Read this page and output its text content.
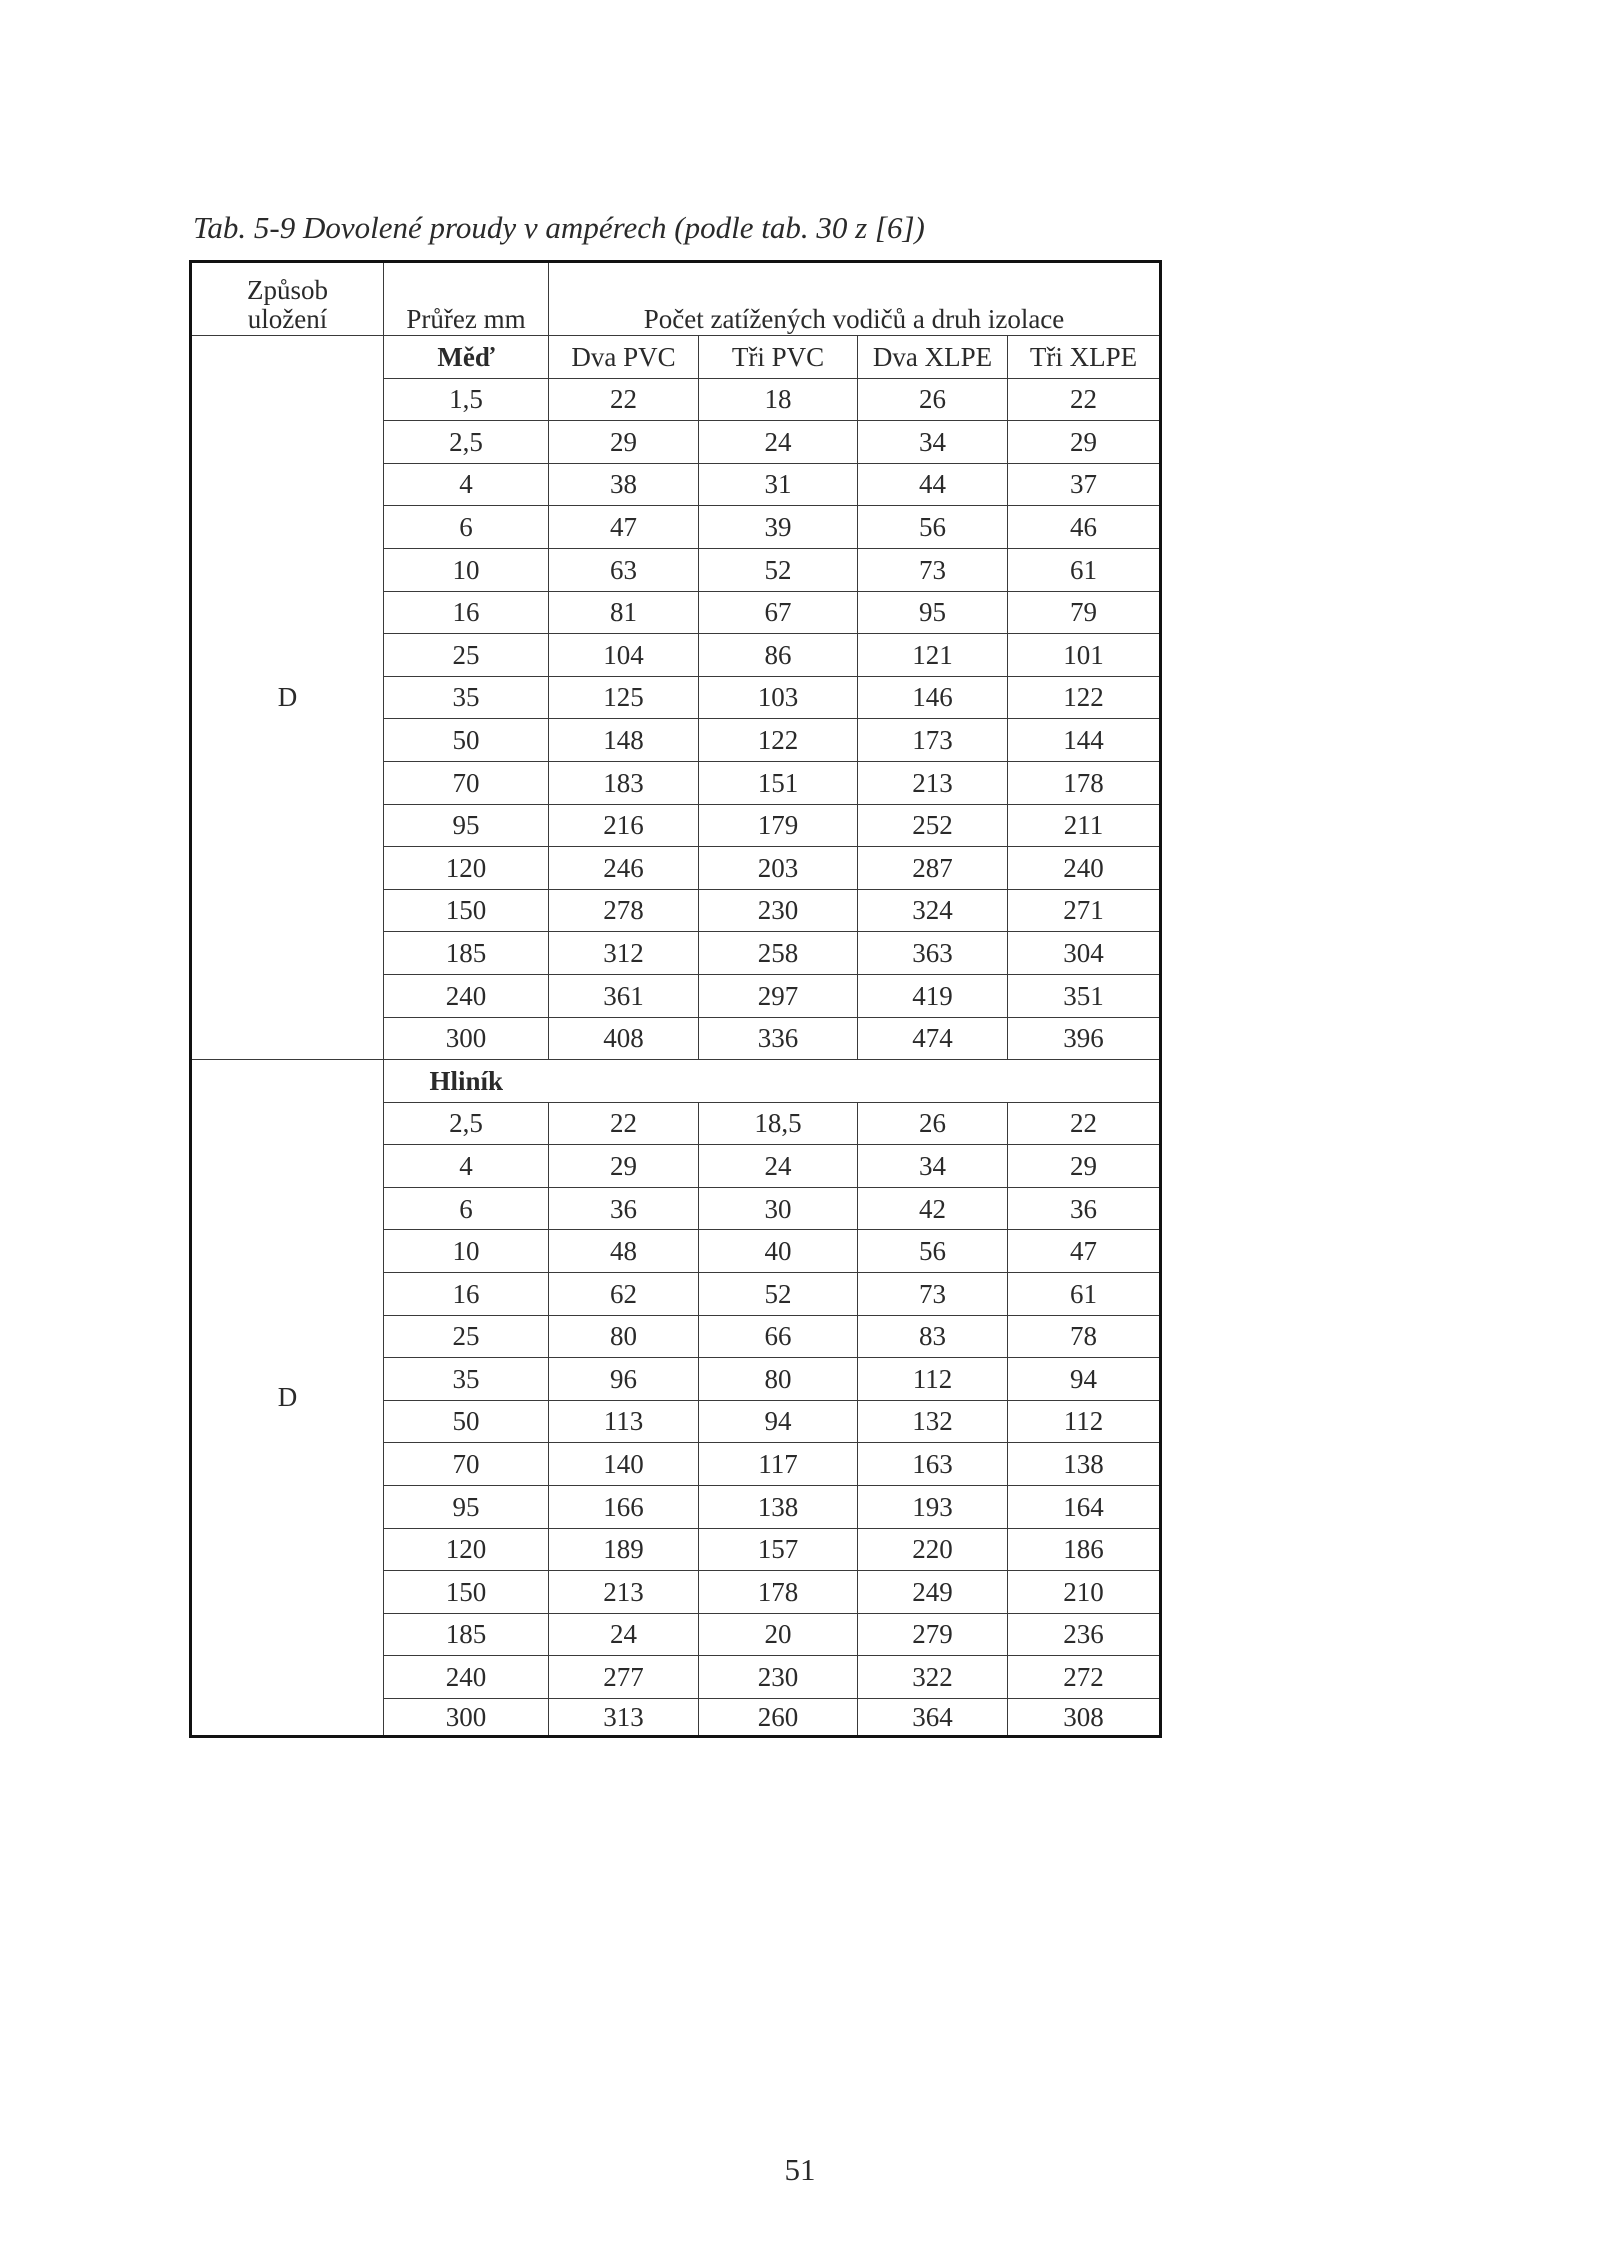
Tab. 5-9 Dovolené proudy v ampérech (podle tab. 30 z [6])
Způsob
uložení	Průřez mm	Počet zatížených vodičů a druh izolace			
D	Měď	Dva PVC	Tři PVC	Dva XLPE	Tři XLPE
	1,5	22	18	26	22
	2,5	29	24	34	29
	4	38	31	44	37
	6	47	39	56	46
	10	63	52	73	61
	16	81	67	95	79
	25	104	86	121	101
	35	125	103	146	122
	50	148	122	173	144
	70	183	151	213	178
	95	216	179	252	211
	120	246	203	287	240
	150	278	230	324	271
	185	312	258	363	304
	240	361	297	419	351
	300	408	336	474	396
D	Hliník				
	2,5	22	18,5	26	22
	4	29	24	34	29
	6	36	30	42	36
	10	48	40	56	47
	16	62	52	73	61
	25	80	66	83	78
	35	96	80	112	94
	50	113	94	132	112
	70	140	117	163	138
	95	166	138	193	164
	120	189	157	220	186
	150	213	178	249	210
	185	24	20	279	236
	240	277	230	322	272
	300	313	260	364	308
51
